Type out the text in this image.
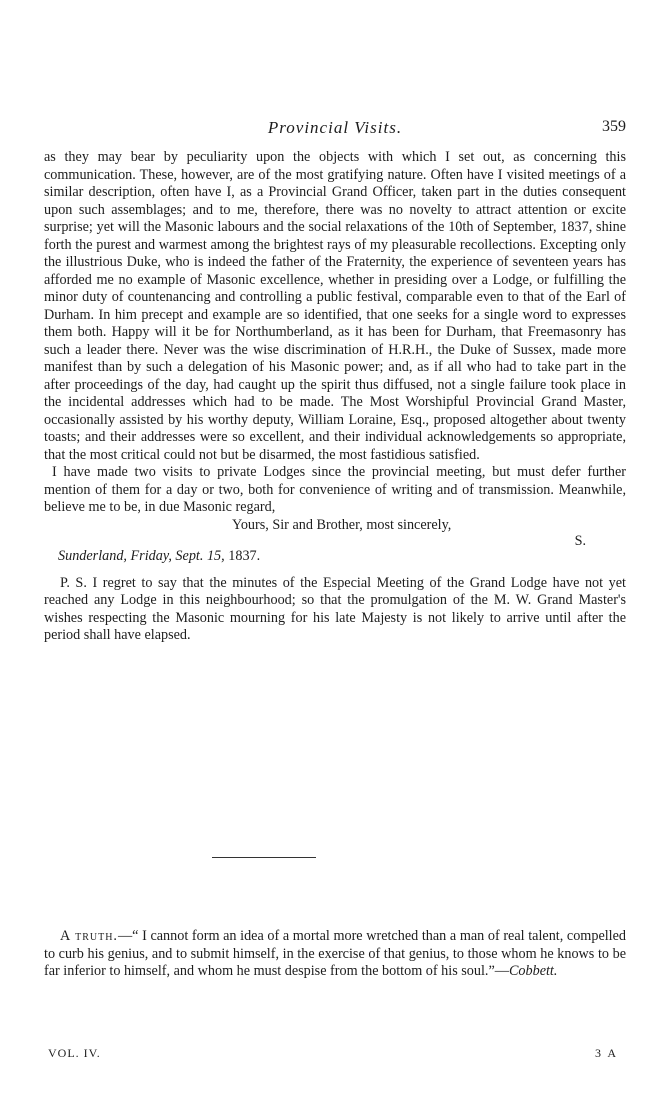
Provincial Visits.	359

as they may bear by peculiarity upon the objects with which I set out, as concerning this communication. These, however, are of the most gratifying nature. Often have I visited meetings of a similar description, often have I, as a Provincial Grand Officer, taken part in the duties consequent upon such assemblages; and to me, therefore, there was no novelty to attract attention or excite surprise; yet will the Masonic labours and the social relaxations of the 10th of September, 1837, shine forth the purest and warmest among the brightest rays of my pleasurable recollections. Excepting only the illustrious Duke, who is indeed the father of the Fraternity, the experience of seventeen years has afforded me no example of Masonic excellence, whether in presiding over a Lodge, or fulfilling the minor duty of countenancing and controlling a public festival, comparable even to that of the Earl of Durham. In him precept and example are so identified, that one seeks for a single word to expresses them both. Happy will it be for Northumberland, as it has been for Durham, that Freemasonry has such a leader there. Never was the wise discrimination of H.R.H., the Duke of Sussex, made more manifest than by such a delegation of his Masonic power; and, as if all who had to take part in the after proceedings of the day, had caught up the spirit thus diffused, not a single failure took place in the incidental addresses which had to be made. The Most Worshipful Provincial Grand Master, occasionally assisted by his worthy deputy, William Loraine, Esq., proposed altogether about twenty toasts; and their addresses were so excellent, and their individual acknowledgements so appropriate, that the most critical could not but be disarmed, the most fastidious satisfied.

I have made two visits to private Lodges since the provincial meeting, but must defer further mention of them for a day or two, both for convenience of writing and of transmission. Meanwhile, believe me to be, in due Masonic regard,

Yours, Sir and Brother, most sincerely,

S.

Sunderland, Friday, Sept. 15, 1837.

P. S. I regret to say that the minutes of the Especial Meeting of the Grand Lodge have not yet reached any Lodge in this neighbourhood; so that the promulgation of the M. W. Grand Master's wishes respecting the Masonic mourning for his late Majesty is not likely to arrive until after the period shall have elapsed.

A truth.—“ I cannot form an idea of a mortal more wretched than a man of real talent, compelled to curb his genius, and to submit himself, in the exercise of that genius, to those whom he knows to be far inferior to himself, and whom he must despise from the bottom of his soul.”—Cobbett.

VOL. IV.	3 A
